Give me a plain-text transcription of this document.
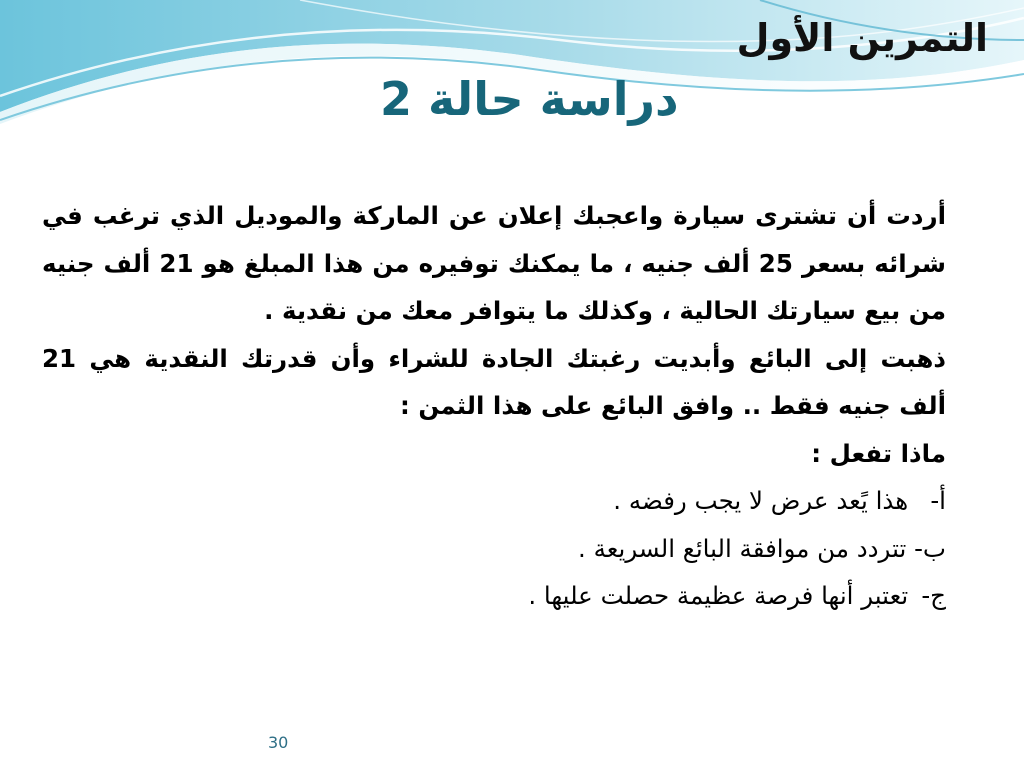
التمرين الأول
دراسة حالة 2

أردت أن تشترى سيارة واعجبك إعلان عن الماركة والموديل الذي ترغب في شرائه بسعر 25 ألف جنيه ، ما يمكنك توفيره من هذا المبلغ هو 21 ألف جنيه من بيع سيارتك الحالية ، وكذلك ما يتوافر معك من نقدية .

ذهبت إلى البائع وأبديت رغبتك الجادة للشراء وأن قدرتك النقدية هي 21 ألف جنيه فقط .. وافق البائع على هذا الثمن :

ماذا تفعل :

أ- هذا يًعد عرض لا يجب رفضه .
ب- تتردد من موافقة البائع السريعة .
ج- تعتبر أنها فرصة عظيمة حصلت عليها .
30
